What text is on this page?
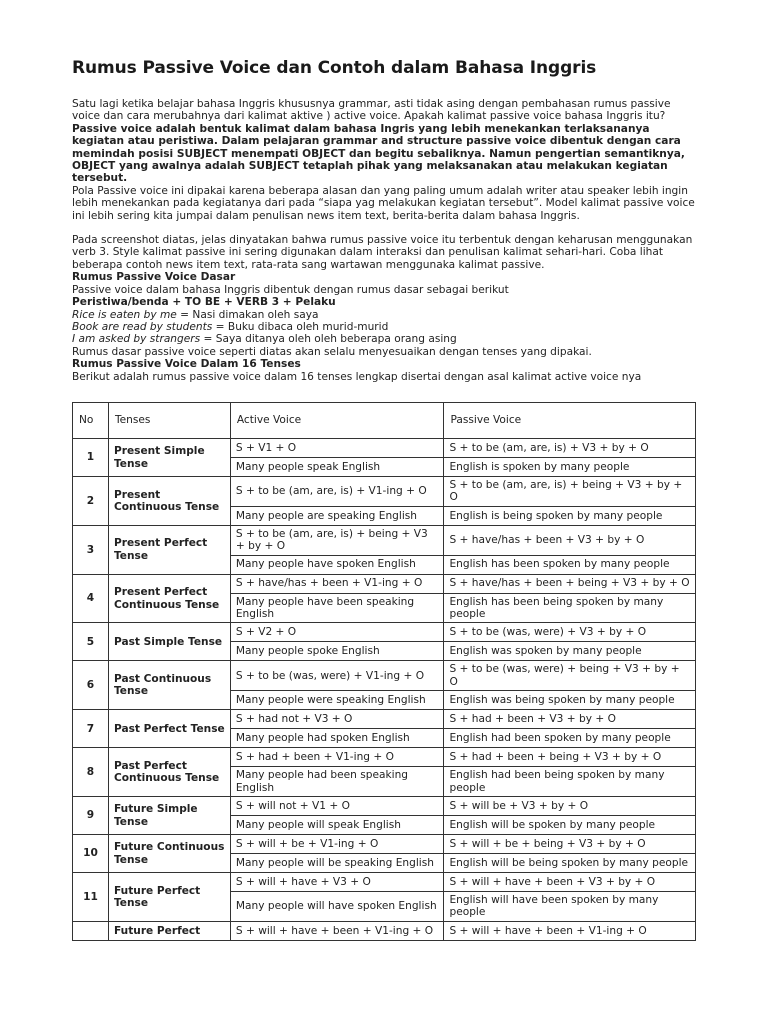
Rumus Passive Voice dan Contoh dalam Bahasa Inggris

Satu lagi ketika belajar bahasa Inggris khususnya grammar, asti tidak asing dengan pembahasan rumus passive voice dan cara merubahnya dari kalimat aktive ) active voice. Apakah kalimat passive voice bahasa Inggris itu?

Passive voice adalah bentuk kalimat dalam bahasa Ingris yang lebih menekankan terlaksananya kegiatan atau peristiwa. Dalam pelajaran grammar and structure passive voice dibentuk dengan cara memindah posisi SUBJECT menempati OBJECT dan begitu sebaliknya. Namun pengertian semantiknya, OBJECT yang awalnya adalah SUBJECT tetaplah pihak yang melaksanakan atau melakukan kegiatan tersebut.

Pola Passive voice ini dipakai karena beberapa alasan dan yang paling umum adalah writer atau speaker lebih ingin lebih menekankan pada kegiatanya dari pada “siapa yag melakukan kegiatan tersebut”. Model kalimat passive voice ini lebih sering kita jumpai dalam penulisan news item text, berita-berita dalam bahasa Inggris.

Pada screenshot diatas, jelas dinyatakan bahwa rumus passive voice itu terbentuk dengan keharusan menggunakan verb 3. Style kalimat passive ini sering digunakan dalam interaksi dan penulisan kalimat sehari-hari. Coba lihat beberapa contoh news item text, rata-rata sang wartawan menggunaka kalimat passive.

Rumus Passive Voice Dasar

Passive voice dalam bahasa Inggris dibentuk dengan rumus dasar sebagai berikut

Peristiwa/benda + TO BE + VERB 3 + Pelaku

Rice is eaten by me = Nasi dimakan oleh saya

Book are read by students = Buku dibaca oleh murid-murid

I am asked by strangers = Saya ditanya oleh oleh beberapa orang asing

Rumus dasar passive voice seperti diatas akan selalu menyesuaikan dengan tenses yang dipakai.

Rumus Passive Voice Dalam 16 Tenses

Berikut adalah rumus passive voice dalam 16 tenses lengkap disertai dengan asal kalimat active voice nya

No	Tenses	Active Voice	Passive Voice
1	Present Simple Tense	S + V1 + O	S + to be (am, are, is) + V3 + by + O
		Many people speak English	English is spoken by many people
2	Present Continuous Tense	S + to be (am, are, is) + V1-ing + O	S + to be (am, are, is) + being + V3 + by + O
		Many people are speaking English	English is being spoken by many people
3	Present Perfect Tense	S + to be (am, are, is) + being + V3 + by + O	S + have/has + been + V3 + by + O
		Many people have spoken English	English has been spoken by many people
4	Present Perfect Continuous Tense	S + have/has + been + V1-ing + O	S + have/has + been + being + V3 + by + O
		Many people have been speaking English	English has been being spoken by many people
5	Past Simple Tense	S + V2 + O	S + to be (was, were) + V3 + by + O
		Many people spoke English	English was spoken by many people
6	Past Continuous Tense	S + to be (was, were) + V1-ing + O	S + to be (was, were) + being + V3 + by + O
		Many people were speaking English	English was being spoken by many people
7	Past Perfect Tense	S + had not + V3 + O	S + had + been + V3 + by + O
		Many people had spoken English	English had been spoken by many people
8	Past Perfect Continuous Tense	S + had + been + V1-ing + O	S + had + been + being + V3 + by + O
		Many people had been speaking English	English had been being spoken by many people
9	Future Simple Tense	S + will not + V1 + O	S + will be + V3 + by + O
		Many people will speak English	English will be spoken by many people
10	Future Continuous Tense	S + will + be + V1-ing + O	S + will + be + being + V3 + by + O
		Many people will be speaking English	English will be being spoken by many people
11	Future Perfect Tense	S + will + have + V3 + O	S + will + have + been + V3 + by + O
		Many people will have spoken English	English will have been spoken by many people
	Future Perfect	S + will + have + been + V1-ing + O	S + will + have + been + V1-ing + O
